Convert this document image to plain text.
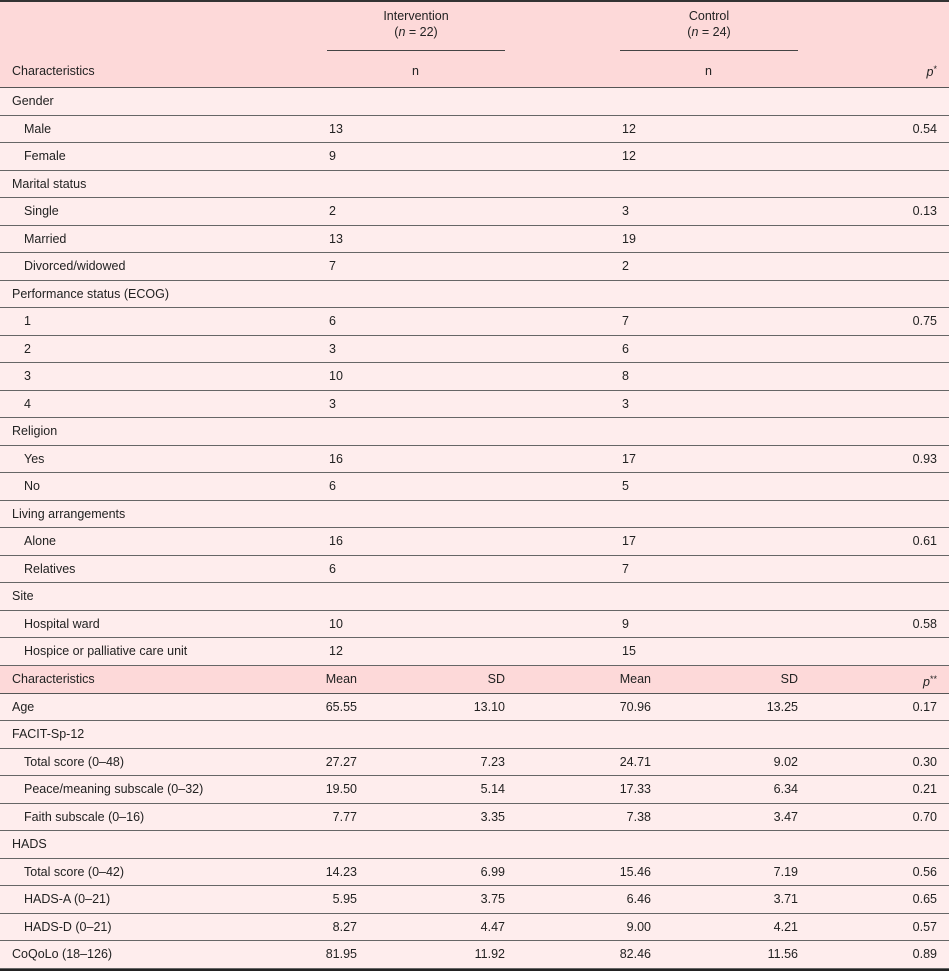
Intervention
(n = 22)
Control
(n = 24)
Characteristics	n	n	p*
Gender
Male	13	12	0.54
Female	9	12
Marital status
Single	2	3	0.13
Married	13	19
Divorced/widowed	7	2
Performance status (ECOG)
1	6	7	0.75
2	3	6
3	10	8
4	3	3
Religion
Yes	16	17	0.93
No	6	5
Living arrangements
Alone	16	17	0.61
Relatives	6	7
Site
Hospital ward	10	9	0.58
Hospice or palliative care unit	12	15
Characteristics	Mean	SD	Mean	SD	p**
Age	65.55	13.10	70.96	13.25	0.17
FACIT-Sp-12
Total score (0–48)	27.27	7.23	24.71	9.02	0.30
Peace/meaning subscale (0–32)	19.50	5.14	17.33	6.34	0.21
Faith subscale (0–16)	7.77	3.35	7.38	3.47	0.70
HADS
Total score (0–42)	14.23	6.99	15.46	7.19	0.56
HADS-A (0–21)	5.95	3.75	6.46	3.71	0.65
HADS-D (0–21)	8.27	4.47	9.00	4.21	0.57
CoQoLo (18–126)	81.95	11.92	82.46	11.56	0.89
